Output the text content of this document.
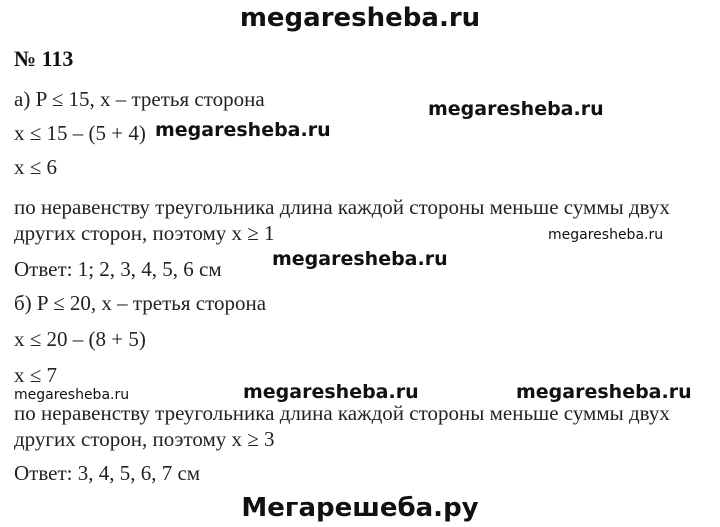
megaresheba.ru
№ 113
а) P ≤ 15, x – третья сторона
x ≤ 15 – (5 + 4)
x ≤ 6
по неравенству треугольника длина каждой стороны меньше суммы двух
других сторон, поэтому x ≥ 1
Ответ: 1; 2, 3, 4, 5, 6 см
б) P ≤ 20, x – третья сторона
x ≤ 20 – (8 + 5)
x ≤ 7
по неравенству треугольника длина каждой стороны меньше суммы двух
других сторон, поэтому x ≥ 3
Ответ: 3, 4, 5, 6, 7 см
megaresheba.ru
megaresheba.ru
megaresheba.ru
megaresheba.ru
megaresheba.ru	megaresheba.ru	megaresheba.ru
Мегарешеба.ру
